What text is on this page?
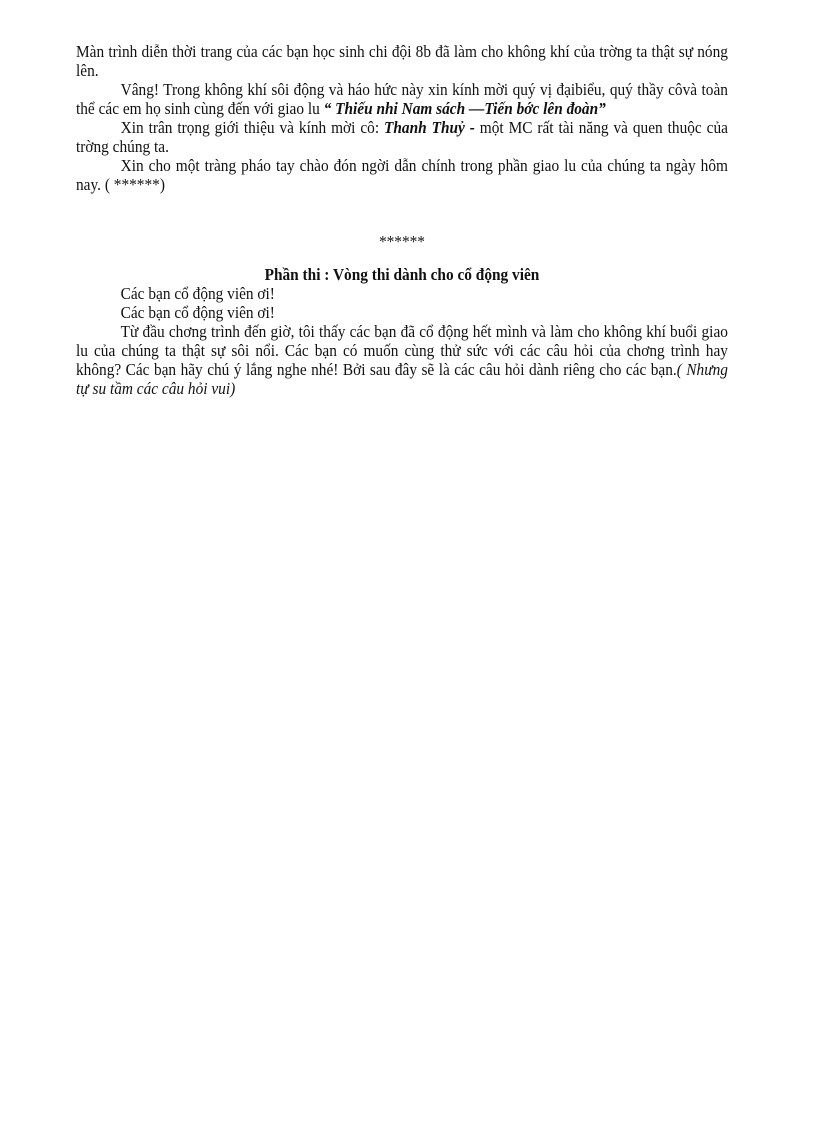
Màn trình diễn thời trang của các bạn học sinh chi đội 8b đã làm cho không khí của trờng ta thật sự nóng lên.

Vâng! Trong không khí sôi động và háo hức này xin kính mời quý vị đạibiểu, quý thầy côvà toàn thể các em họ sinh cùng đến với giao lu “ Thiếu nhi Nam sách —Tiến bớc lên đoàn”

Xin trân trọng giới thiệu và kính mời cô: Thanh Thuỷ - một MC rất tài năng và quen thuộc của trờng chúng ta.

Xin cho một tràng pháo tay chào đón ngời dẫn chính trong phần giao lu của chúng ta ngày hôm nay. ( ******)

******

Phần thi : Vòng thi dành cho cổ động viên

Các bạn cổ động viên ơi!

Các bạn cổ động viên ơi!

Từ đầu chơng trình đến giờ, tôi thấy các bạn đã cổ động hết mình và làm cho không khí buổi giao lu của chúng ta thật sự sôi nổi. Các bạn có muốn cùng thử sức với các câu hỏi của chơng trình hay không? Các bạn hãy chú ý lắng nghe nhé! Bởi sau đây sẽ là các câu hỏi dành riêng cho các bạn.( Nhưng tự su tầm các câu hỏi vui)
